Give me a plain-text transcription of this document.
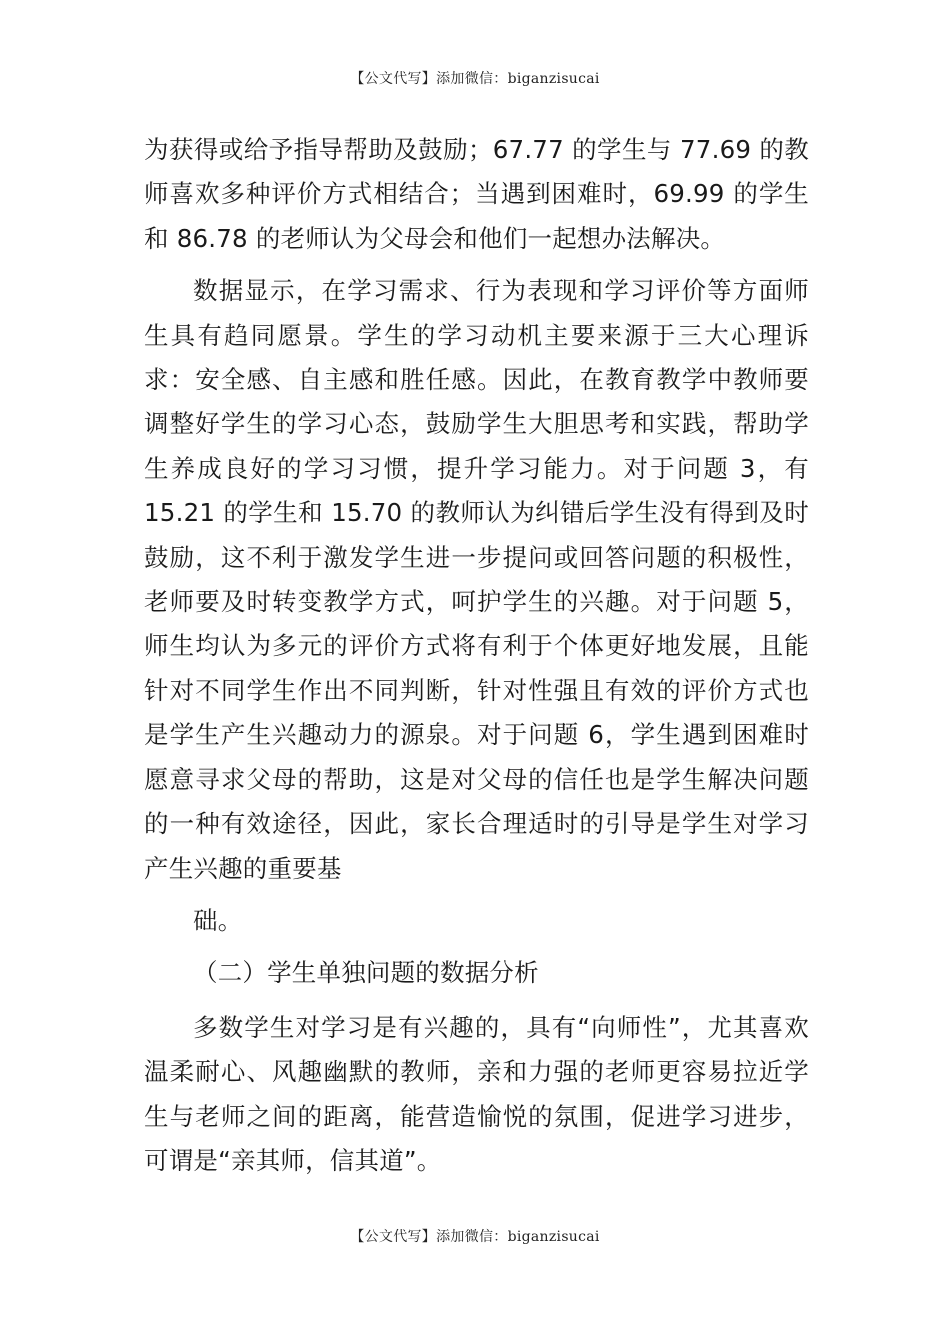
【公文代写】添加微信：biganzisucai

为获得或给予指导帮助及鼓励；67.77 的学生与 77.69 的教师喜欢多种评价方式相结合；当遇到困难时，69.99 的学生和 86.78 的老师认为父母会和他们一起想办法解决。

数据显示，在学习需求、行为表现和学习评价等方面师生具有趋同愿景。学生的学习动机主要来源于三大心理诉求：安全感、自主感和胜任感。因此，在教育教学中教师要调整好学生的学习心态，鼓励学生大胆思考和实践，帮助学生养成良好的学习习惯，提升学习能力。对于问题 3，有 15.21 的学生和 15.70 的教师认为纠错后学生没有得到及时鼓励，这不利于激发学生进一步提问或回答问题的积极性，老师要及时转变教学方式，呵护学生的兴趣。对于问题 5，师生均认为多元的评价方式将有利于个体更好地发展，且能针对不同学生作出不同判断，针对性强且有效的评价方式也是学生产生兴趣动力的源泉。对于问题 6，学生遇到困难时愿意寻求父母的帮助，这是对父母的信任也是学生解决问题的一种有效途径，因此，家长合理适时的引导是学生对学习产生兴趣的重要基

础。

（二）学生单独问题的数据分析

多数学生对学习是有兴趣的，具有“向师性”，尤其喜欢温柔耐心、风趣幽默的教师，亲和力强的老师更容易拉近学生与老师之间的距离，能营造愉悦的氛围，促进学习进步，可谓是“亲其师，信其道”。

【公文代写】添加微信：biganzisucai
